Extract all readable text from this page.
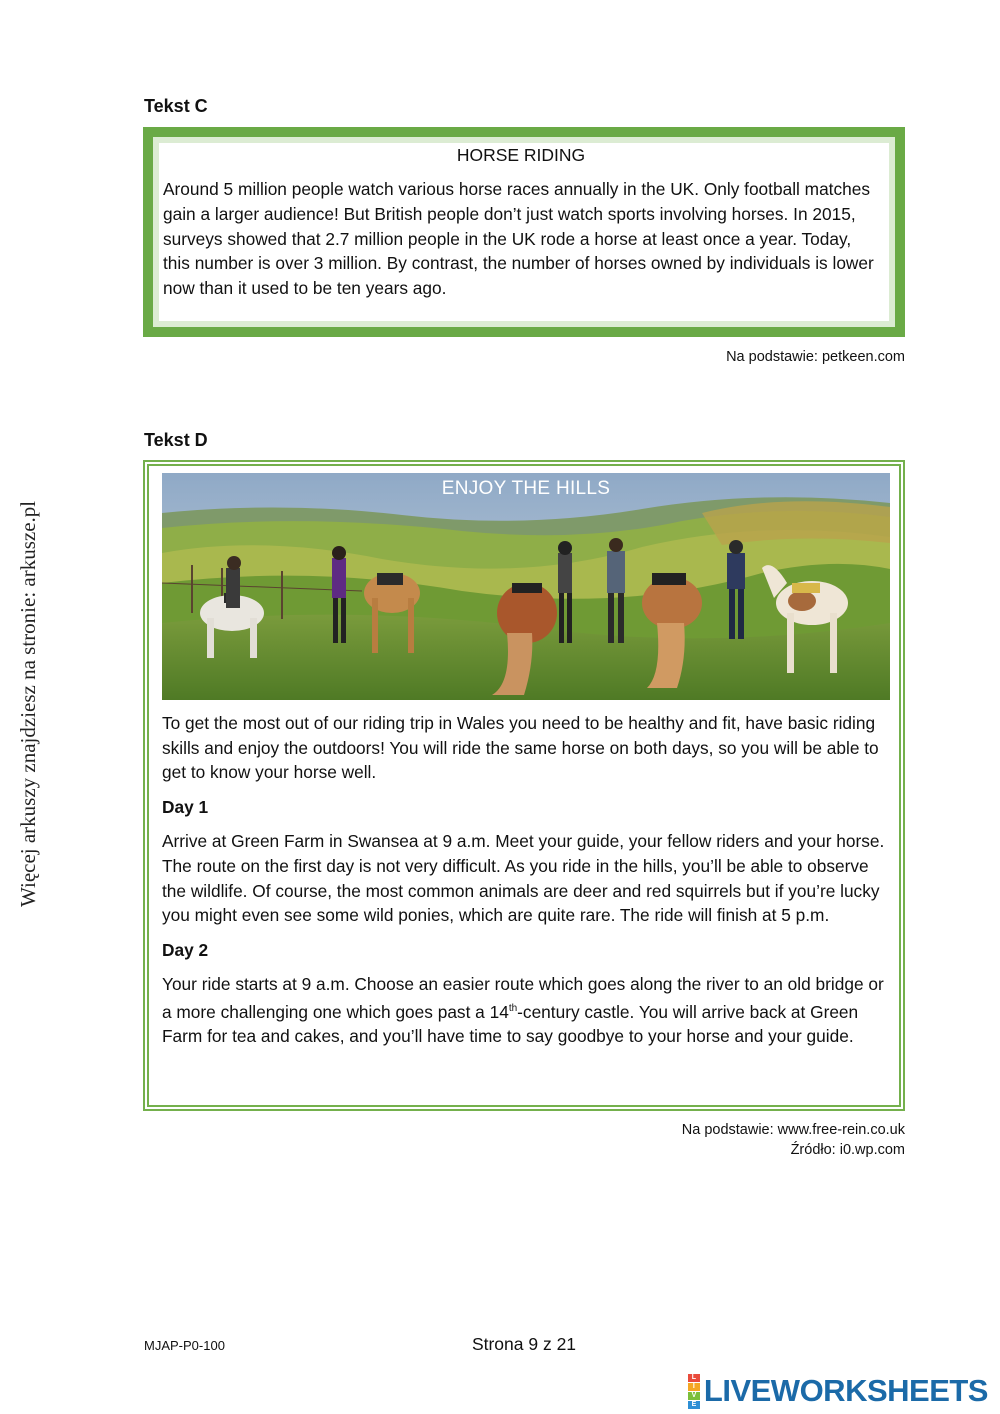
Więcej arkuszy znajdziesz na stronie: arkusze.pl
Tekst C

HORSE RIDING

Around 5 million people watch various horse races annually in the UK. Only football matches gain a larger audience! But British people don’t just watch sports involving horses. In 2015, surveys showed that 2.7 million people in the UK rode a horse at least once a year. Today, this number is over 3 million. By contrast, the number of horses owned by individuals is lower now than it used to be ten years ago.

Na podstawie: petkeen.com
Tekst D
ENJOY THE HILLS

To get the most out of our riding trip in Wales you need to be healthy and fit, have basic riding skills and enjoy the outdoors! You will ride the same horse on both days, so you will be able to get to know your horse well.

Day 1

Arrive at Green Farm in Swansea at 9 a.m. Meet your guide, your fellow riders and your horse. The route on the first day is not very difficult. As you ride in the hills, you’ll be able to observe the wildlife. Of course, the most common animals are deer and red squirrels but if you’re lucky you might even see some wild ponies, which are quite rare. The ride will finish at 5 p.m.

Day 2

Your ride starts at 9 a.m. Choose an easier route which goes along the river to an old bridge or a more challenging one which goes past a 14th-century castle. You will arrive back at Green Farm for tea and cakes, and you’ll have time to say goodbye to your horse and your guide.

Na podstawie: www.free-rein.co.uk
Źródło: i0.wp.com
MJAP-P0-100	Strona 9 z 21
L
I
V
E LIVEWORKSHEETS
